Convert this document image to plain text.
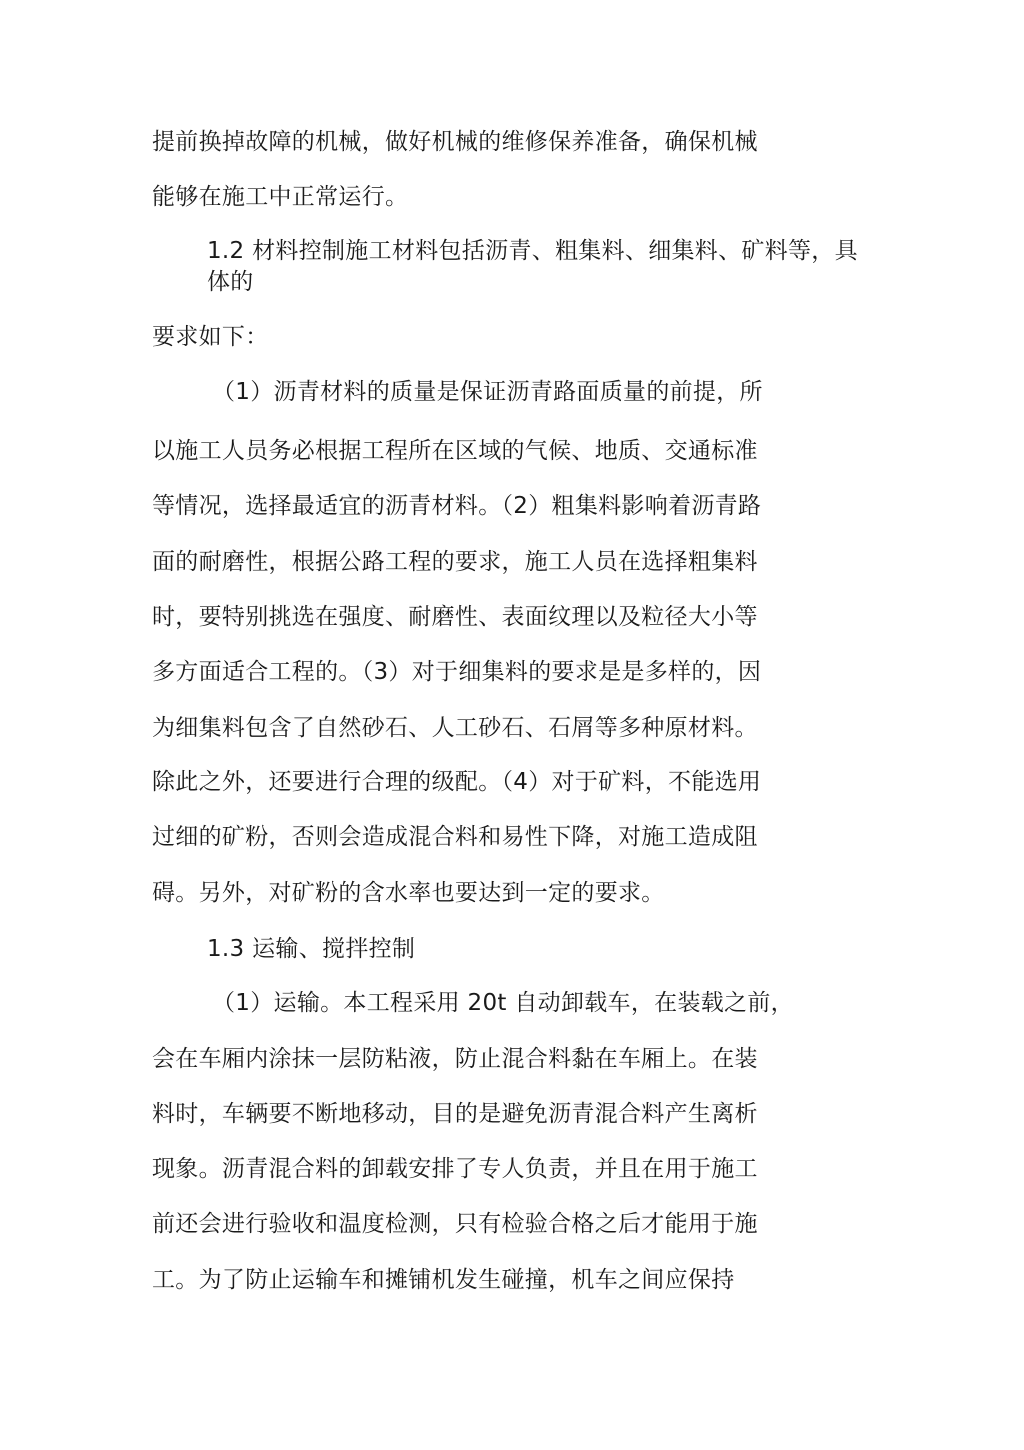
提前换掉故障的机械，做好机械的维修保养准备，确保机械
能够在施工中正常运行。
1.2 材料控制施工材料包括沥青、粗集料、细集料、矿料等，具
体的
要求如下：
（1）沥青材料的质量是保证沥青路面质量的前提，所
以施工人员务必根据工程所在区域的气候、地质、交通标准
等情况，选择最适宜的沥青材料。（2）粗集料影响着沥青路
面的耐磨性，根据公路工程的要求，施工人员在选择粗集料
时，要特别挑选在强度、耐磨性、表面纹理以及粒径大小等
多方面适合工程的。（3）对于细集料的要求是是多样的，因
为细集料包含了自然砂石、人工砂石、石屑等多种原材料。
除此之外，还要进行合理的级配。（4）对于矿料，不能选用
过细的矿粉，否则会造成混合料和易性下降，对施工造成阻
碍。另外，对矿粉的含水率也要达到一定的要求。
1.3 运输、搅拌控制
（1）运输。本工程采用 20t 自动卸载车，在装载之前，
会在车厢内涂抹一层防粘液，防止混合料黏在车厢上。在装
料时，车辆要不断地移动，目的是避免沥青混合料产生离析
现象。沥青混合料的卸载安排了专人负责，并且在用于施工
前还会进行验收和温度检测，只有检验合格之后才能用于施
工。为了防止运输车和摊铺机发生碰撞，机车之间应保持
